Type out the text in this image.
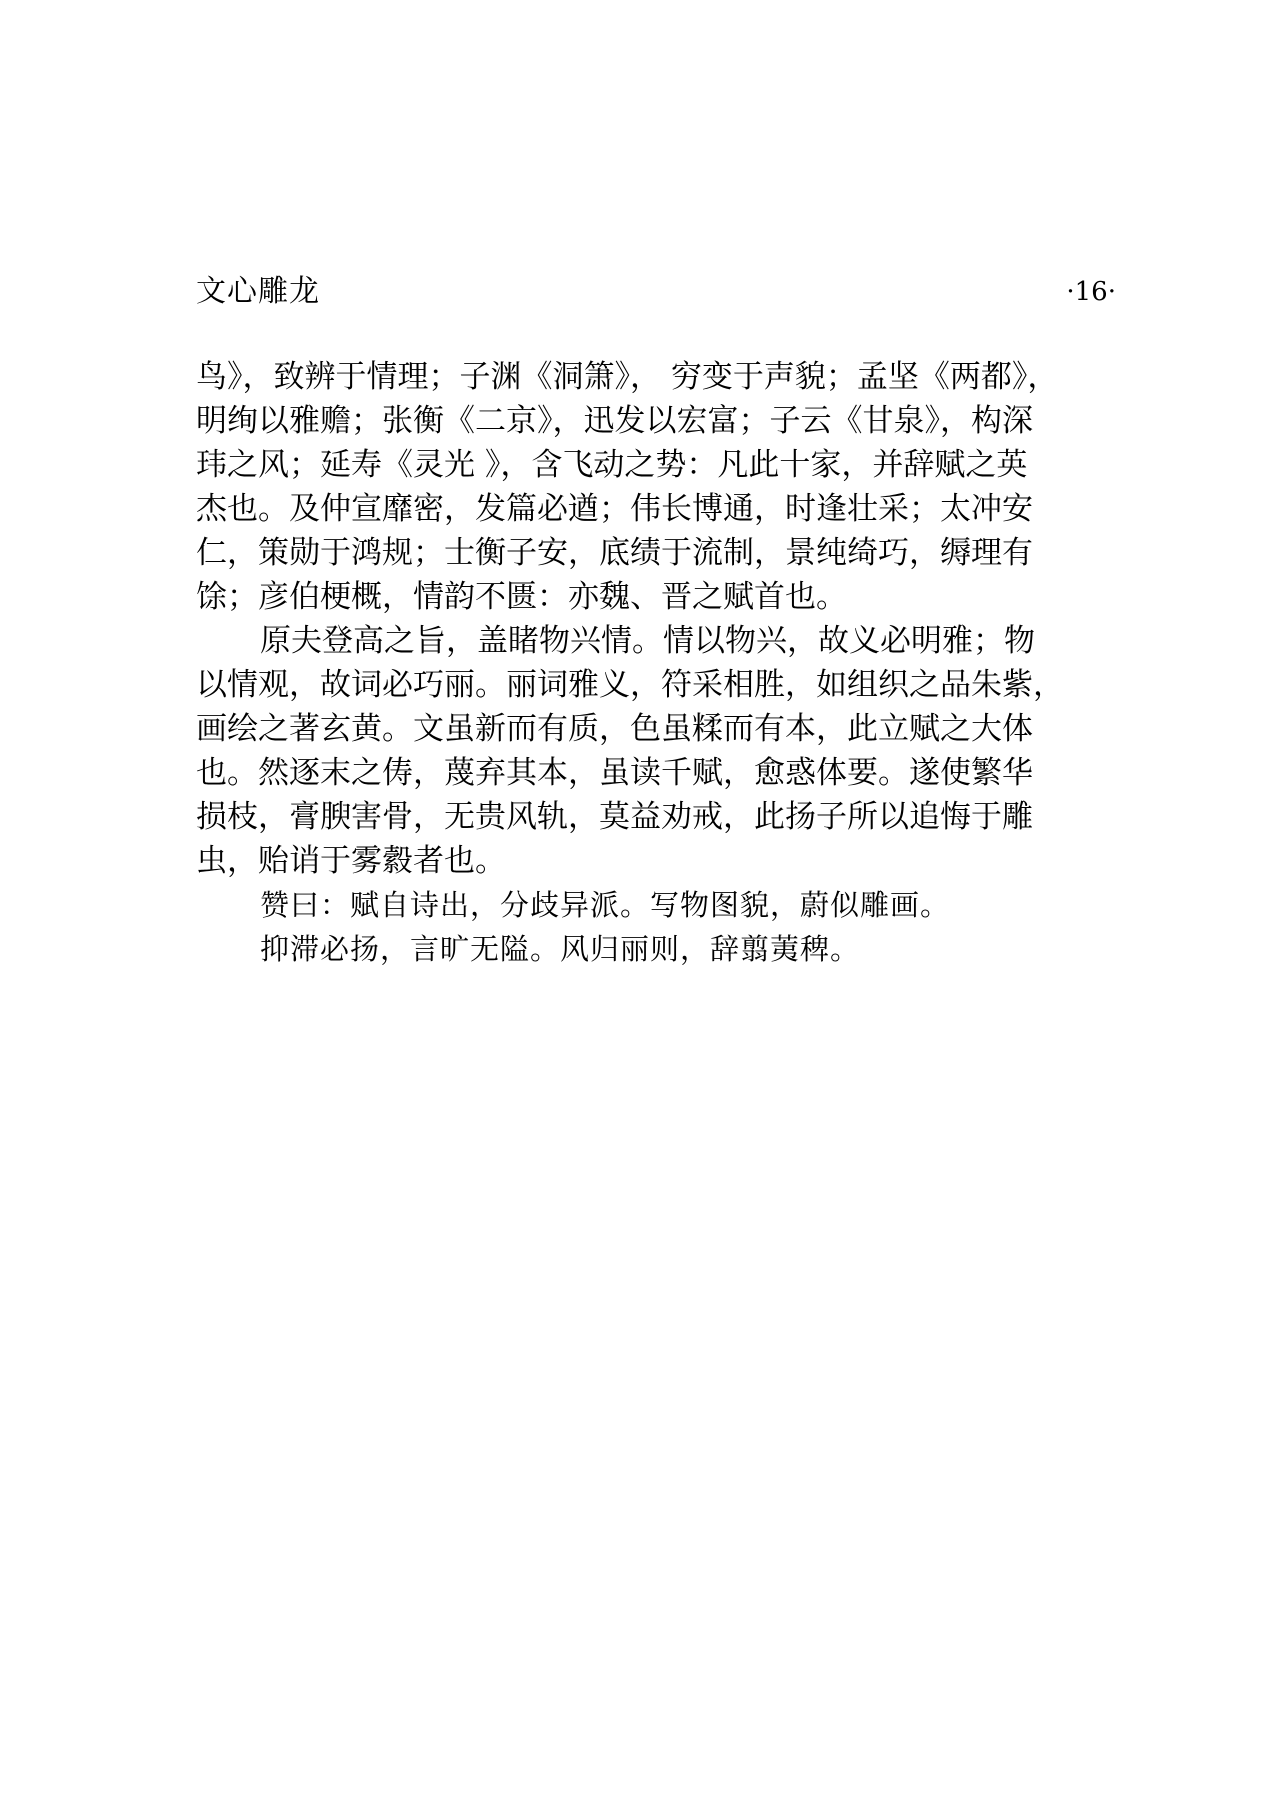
文心雕龙	·16·
鸟》，致辨于情理；子渊《洞箫》， 穷变于声貌；孟坚《两都》，
明绚以雅赡；张衡《二京》，迅发以宏富；子云《甘泉》，构深
玮之风；延寿《灵光 》，含飞动之势：凡此十家，并辞赋之英
杰也。及仲宣靡密，发篇必遒；伟长博通，时逢壮采；太冲安
仁，策勋于鸿规；士衡子安，底绩于流制，景纯绮巧，缛理有
馀；彦伯梗概，情韵不匮：亦魏、晋之赋首也。
原夫登高之旨，盖睹物兴情。情以物兴，故义必明雅；物
以情观，故词必巧丽。丽词雅义，符采相胜，如组织之品朱紫，
画绘之著玄黄。文虽新而有质，色虽糅而有本，此立赋之大体
也。然逐末之俦，蔑弃其本，虽读千赋，愈惑体要。遂使繁华
损枝，膏腴害骨，无贵风轨，莫益劝戒，此扬子所以追悔于雕
虫，贻诮于雾縠者也。
赞曰：赋自诗出，分歧异派。写物图貌，蔚似雕画。
抑滞必扬，言旷无隘。风归丽则，辞翦荑稗。
